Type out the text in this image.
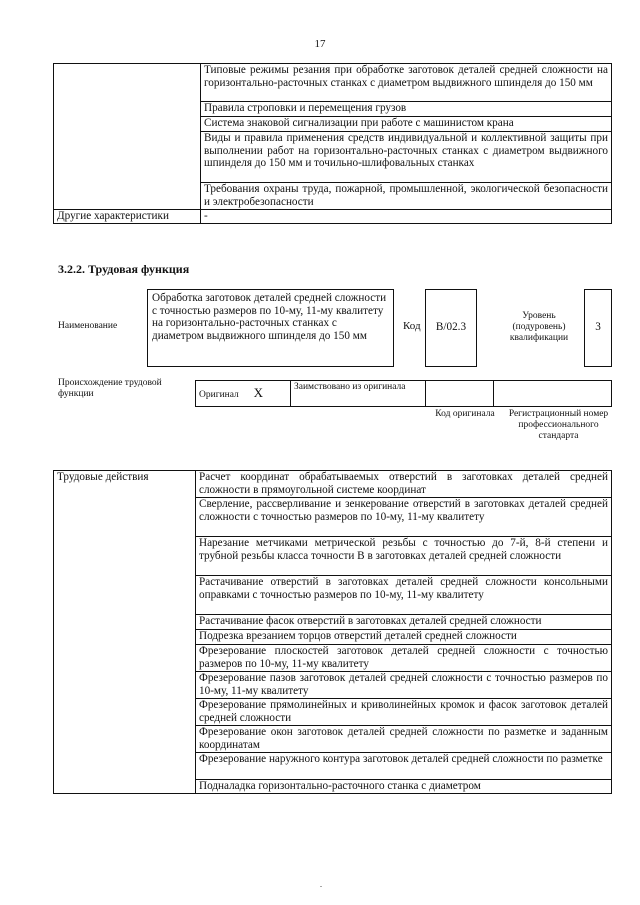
17
	Типовые режимы резания при обработке заготовок деталей средней сложности на горизонтально-расточных станках с диаметром выдвижного шпинделя до 150 мм
	Правила строповки и перемещения грузов
	Система знаковой сигнализации при работе с машинистом крана
	Виды и правила применения средств индивидуальной и коллективной защиты при выполнении работ на горизонтально-расточных станках с диаметром выдвижного шпинделя до 150 мм и точильно-шлифовальных станках
	Требования охраны труда, пожарной, промышленной, экологической безопасности и электробезопасности
Другие характеристики	-
3.2.2. Трудовая функция
Наименование
Обработка заготовок деталей средней сложности с точностью размеров по 10-му, 11-му квалитету на горизонтально-расточных станках с диаметром выдвижного шпинделя до 150 мм
Код	B/02.3
Уровень (подуровень) квалификации
3
Происхождение трудовой функции	Оригинал X	Заимствовано из оригинала		
Код оригинала	Регистрационный номер профессионального стандарта
Трудовые действия	Расчет координат обрабатываемых отверстий в заготовках деталей средней сложности в прямоугольной системе координат
Сверление, рассверливание и зенкерование отверстий в заготовках деталей средней сложности с точностью размеров по 10-му, 11-му квалитету
Нарезание метчиками метрической резьбы с точностью до 7-й, 8-й степени и трубной резьбы класса точности B в заготовках деталей средней сложности
Растачивание отверстий в заготовках деталей средней сложности консольными оправками с точностью размеров по 10-му, 11-му квалитету
Растачивание фасок отверстий в заготовках деталей средней сложности
Подрезка врезанием торцов отверстий деталей средней сложности
Фрезерование плоскостей заготовок деталей средней сложности с точностью размеров по 10-му, 11-му квалитету
Фрезерование пазов заготовок деталей средней сложности с точностью размеров по 10-му, 11-му квалитету
Фрезерование прямолинейных и криволинейных кромок и фасок заготовок деталей средней сложности
Фрезерование окон заготовок деталей средней сложности по разметке и заданным координатам
Фрезерование наружного контура заготовок деталей средней сложности по разметке
Подналадка горизонтально-расточного станка с диаметром
.
